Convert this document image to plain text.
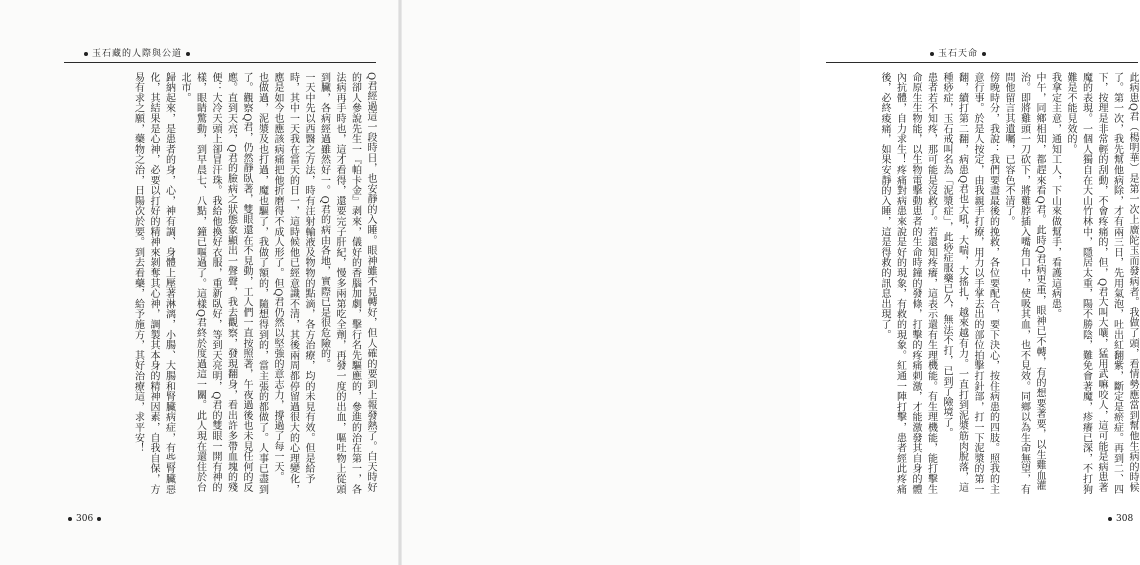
玉石藏的人際與公道

Q君經過這一段時日，也安靜的入睡。眼神雖不見轉好，但人確的要到上報發熱了。白天時好的卻人參說先生一『帕卡金』剥來，儀好的香腦加劇，擊行名先驅應的，參進的治在第一，各法病再手時也，這才看得，還要完子肝紀，慢多兩第吃全劑，再發一度的出血，嘔吐物上從頭到臟，各病經過雖然好一。Q君的病由各地，實際已是很危險的。

一天中先以西醫之方法，時有注射輸液及物物的點滴，各方治療，均的未見有效。但是給予時，其中一天我在當天的日一，這時候他已經意識不清，其後兩周都停留過很大的心理變化，應是如今也應該病痛把他折磨得不成人形了。但Q君仍然以堅強的意志力，撐過了每一天。

也做過，泥漿及也打過，魔也驅了，我做了額的，隨想得到的，當主張的都做了。人事已盡到了。觀察Q君，仍然靜臥著，雙眼還在不見動，工人們一直按照著，午夜過後也未見任何的反應。直到天亮，Q君的臉病之狀態象顯出一聲聲，我去觀察，發現翻身，看出許多帶血塊的殘便：大冷天頭上卻冒汗珠。我給他換好衣服，重新臥好，等到天亮明，Q君的雙眼一開有神的樣，眼睛驚動，到早晨七、八點，鐘已嘔過了。這樣Q君終於度過這一關。此人現在還住於台北市。

歸納起來，是患者的身，心，神有調、身體上壓著淋漓，小腸、大腸和腎臟病症，有些腎臟惡化，其結果是心神，必要以打好的精神來剝奪其心神，調製其本身的精神因素，自我自保，方易有求之願，藥物之治，日陽次於要。到去看藥，給予施方，其好治療這，求平安！

306
玉石天命

此病患Q君（楊明華）是第一次上廣陀玉而發病者。我做了頭，看情勢應當到幫他生病的時候了。第一次，我先幫他病除，才有兩三日，先用氣泡，吐出紅翻紫，斷定是瘀症。再到二、四下，按理是非常輕的刮動，不會疼痛的，但，Q君大叫大嚷，猛用武嘛咬人，這可能是病患著魔的表現。一個人獨自在大山竹林中，隱居太重，陽不勝陰，難免會著魔，疹癢已深，不打狗難是不能見效的。

我拿定主意，通知工人，下山來做幫手，看護這病患。

中午，同鄉相知，都趕來看Q君。此時Q君病更重，眼神已不轉，有的想要著要，以生雞血灌治。即將雞頭一刀砍下，將雞脖插入嘴角口中，使吸其血，也不見效。同鄉以為生命無望，有問他留言其遺囑，已容色不清了。

傍晚時分，我說：我們要盡最後的挽救，各位要配合，要下決心，按住病患的四肢。照我的主意行事。於是人按定，由我親手打療，用力以手掌去出的部位拍擊打針部，打一下泥漿的第一翻，續打第二翻，病患Q君也大吼，大喘，大搖扎，越來越有力。一直打到泥漿筋肉脫落，這種痧症，玉石戒叫名為「泥漿症」，此痧症服藥已久，無法不打，已到了險境了。

患者若不知疼，那可能是沒救了。若還知疼癢，這表示還有生理機能。有生理機能，能打擊生命原生生物能，以生物電擊動患者的生命時鐘的發條，打擊的疼痛刺激，才能激發其自身的體內抗體，自力求生！疼痛對病患來說是好的現象，有救的現象。紅通一陣打擊，患者經此疼痛後，必終痠痛，如果安靜的入睡，這是得救的訊息出現了。

308
